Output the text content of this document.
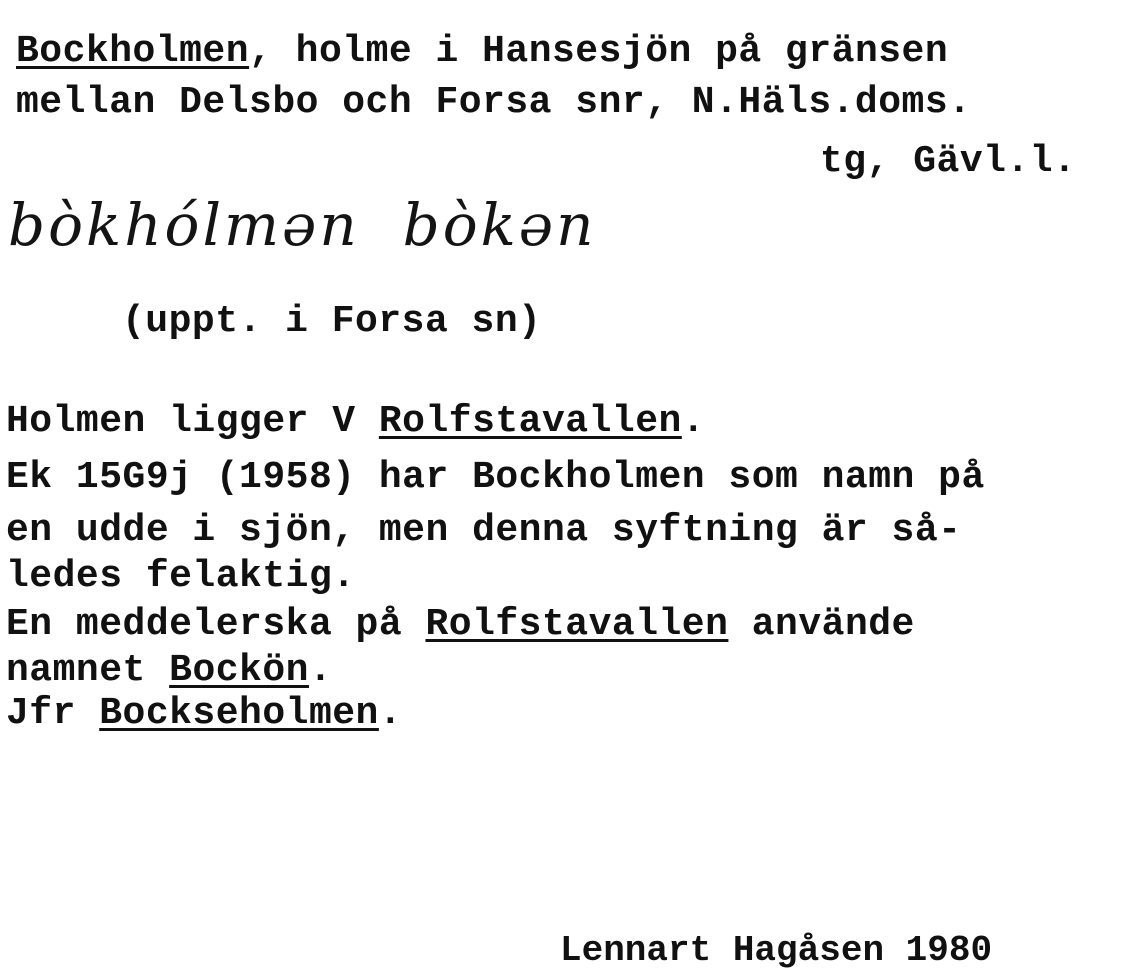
Bockholmen, holme i Hansesjön på gränsen
mellan Delsbo och Forsa snr, N.Häls.doms.
tg, Gävl.l.
bòkhólmən  bòkən
(uppt. i Forsa sn)
Holmen ligger V Rolfstavallen.
Ek 15G9j (1958) har Bockholmen som namn på
en udde i sjön, men denna syftning är så-
ledes felaktig.
En meddelerska på Rolfstavallen använde
namnet Bockön.
Jfr Bockseholmen.
Lennart Hagåsen 1980
